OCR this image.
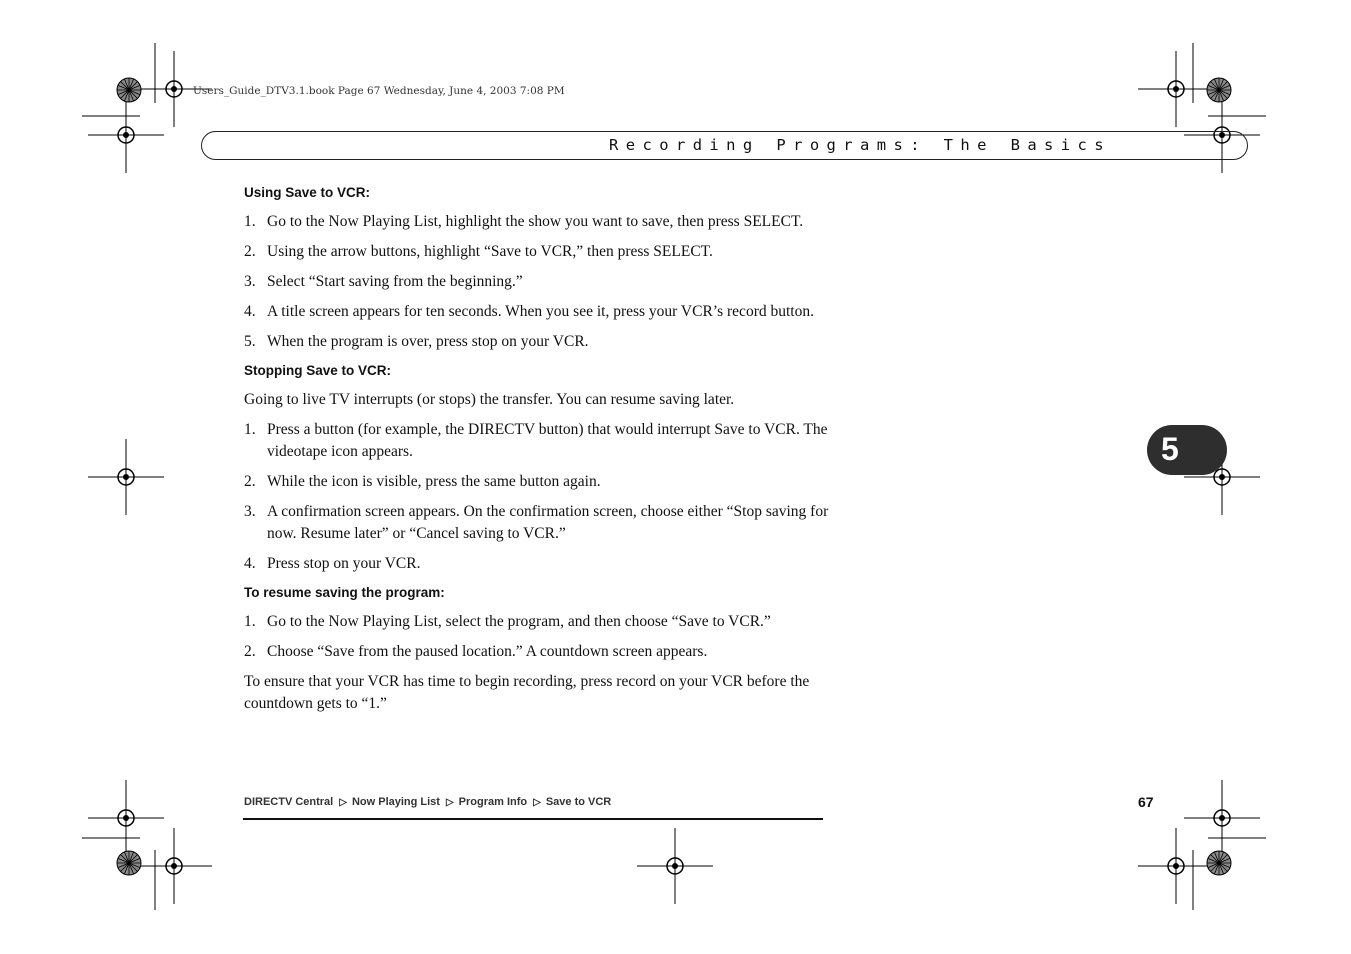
Users_Guide_DTV3.1.book Page 67 Wednesday, June 4, 2003 7:08 PM
Recording Programs: The Basics
5
Using Save to VCR:
1. Go to the Now Playing List, highlight the show you want to save, then press SELECT.
2. Using the arrow buttons, highlight “Save to VCR,” then press SELECT.
3. Select “Start saving from the beginning.”
4. A title screen appears for ten seconds. When you see it, press your VCR’s record button.
5. When the program is over, press stop on your VCR.
Stopping Save to VCR:

Going to live TV interrupts (or stops) the transfer. You can resume saving later.

1. Press a button (for example, the DIRECTV button) that would interrupt Save to VCR. The videotape icon appears.
2. While the icon is visible, press the same button again.
3. A confirmation screen appears. On the confirmation screen, choose either “Stop saving for now. Resume later” or “Cancel saving to VCR.”
4. Press stop on your VCR.
To resume saving the program:
1. Go to the Now Playing List, select the program, and then choose “Save to VCR.”
2. Choose “Save from the paused location.” A countdown screen appears.

To ensure that your VCR has time to begin recording, press record on your VCR before the countdown gets to “1.”

DIRECTV Central ▷ Now Playing List ▷ Program Info ▷ Save to VCR	67
